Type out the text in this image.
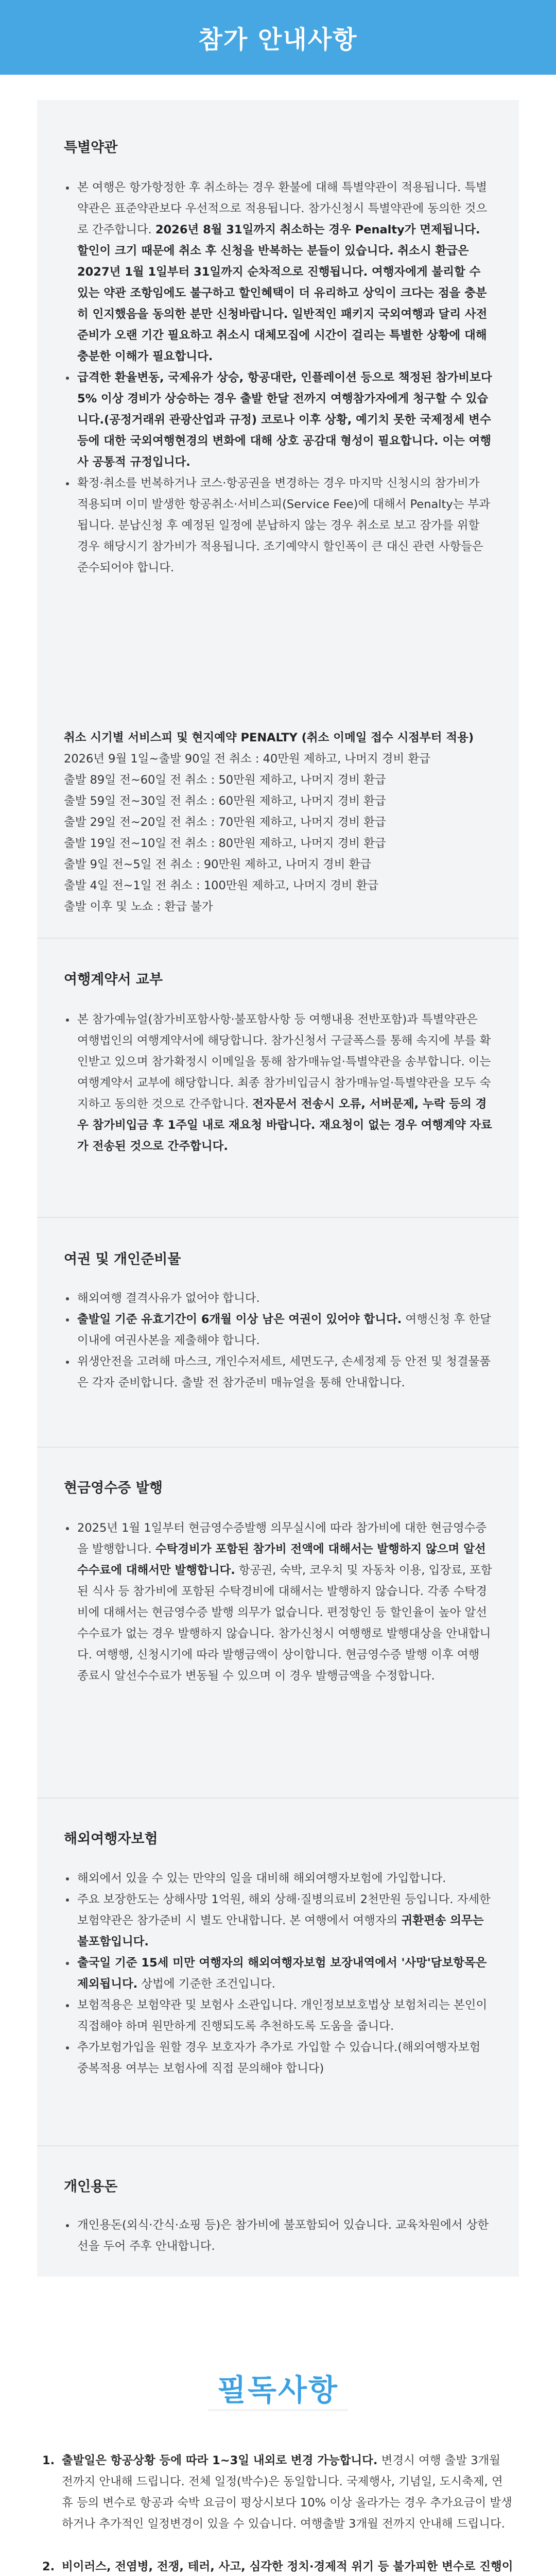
참가 안내사항
특별약관
본 여행은 항가항정한 후 취소하는 경우 환불에 대해 특별약관이 적용됩니다. 특별약관은 표준약관보다 우선적으로 적용됩니다. 참가신청시 특별약관에 동의한 것으로 간주합니다. 2026년 8월 31일까지 취소하는 경우 Penalty가 면제됩니다. 할인이 크기 때문에 취소 후 신청을 반복하는 분들이 있습니다. 취소시 환급은 2027년 1월 1일부터 31일까지 순차적으로 진행됩니다. 여행자에게 불리할 수 있는 약관 조항임에도 불구하고 할인혜택이 더 유리하고 상익이 크다는 점을 충분히 인지했음을 동의한 분만 신청바랍니다. 일반적인 패키지 국외여행과 달리 사전 준비가 오랜 기간 필요하고 취소시 대체모집에 시간이 걸리는 특별한 상황에 대해 충분한 이해가 필요합니다.
급격한 환율변동, 국제유가 상승, 항공대란, 인플레이션 등으로 책정된 참가비보다 5% 이상 경비가 상승하는 경우 출발 한달 전까지 여행참가자에게 청구할 수 있습니다.(공정거래위 관광산업과 규정) 코로나 이후 상황, 예기치 못한 국제정세 변수 등에 대한 국외여행현경의 변화에 대해 상호 공감대 형성이 필요합니다. 이는 여행사 공통적 규정입니다.
확정·취소를 번복하거나 코스·항공권을 변경하는 경우 마지막 신청시의 참가비가 적용되며 이미 발생한 항공취소·서비스피(Service Fee)에 대해서 Penalty는 부과됩니다. 분납신청 후 예정된 일정에 분납하지 않는 경우 취소로 보고 잠가를 위할 경우 해당시기 참가비가 적용됩니다. 조기예약시 할인폭이 큰 대신 관련 사항들은 준수되어야 합니다.
취소 시기별 서비스피 및 현지예약 PENALTY (취소 이메일 접수 시점부터 적용)
2026년 9월 1일~출발 90일 전 취소 : 40만원 제하고, 나머지 경비 환급
출발 89일 전~60일 전 취소 : 50만원 제하고, 나머지 경비 환급
출발 59일 전~30일 전 취소 : 60만원 제하고, 나머지 경비 환급
출발 29일 전~20일 전 취소 : 70만원 제하고, 나머지 경비 환급
출발 19일 전~10일 전 취소 : 80만원 제하고, 나머지 경비 환급
출발 9일 전~5일 전 취소 : 90만원 제하고, 나머지 경비 환급
출발 4일 전~1일 전 취소 : 100만원 제하고, 나머지 경비 환급
출발 이후 및 노쇼 : 환급 불가
여행계약서 교부
본 참가예뉴얼(참가비포함사항·불포함사항 등 여행내용 전반포함)과 특별약관은 여행법인의 여행계약서에 해당합니다. 참가신청서 구글폭스를 통해 속지에 부를 확인받고 있으며 참가확정시 이메일을 통해 참가매뉴얼·특별약관을 송부합니다. 이는 여행계약서 교부에 해당합니다. 최종 참가비입금시 참가매뉴얼·특별약관을 모두 숙지하고 동의한 것으로 간주합니다. 전자문서 전송시 오류, 서버문제, 누락 등의 경우 참가비입금 후 1주일 내로 재요청 바랍니다. 재요청이 없는 경우 여행계약 자료가 전송된 것으로 간주합니다.
여권 및 개인준비물
해외여행 결격사유가 없어야 합니다.
출발일 기준 유효기간이 6개월 이상 남은 여권이 있어야 합니다. 여행신청 후 한달 이내에 여권사본을 제출해야 합니다.
위생안전을 고려해 마스크, 개인수저세트, 세면도구, 손세정제 등 안전 및 청결물품은 각자 준비합니다. 출발 전 참가준비 매뉴얼을 통해 안내합니다.
현금영수증 발행
2025년 1월 1일부터 현금영수증발행 의무실시에 따라 참가비에 대한 현금영수증을 발행합니다. 수탁경비가 포함된 참가비 전액에 대해서는 발행하지 않으며 알선수수료에 대해서만 발행합니다. 항공권, 숙박, 코우치 및 자동차 이용, 입장료, 포함된 식사 등 참가비에 포함된 수탁경비에 대해서는 발행하지 않습니다. 각종 수탁경비에 대해서는 현금영수증 발행 의무가 없습니다. 편정항인 등 할인율이 높아 알선수수료가 없는 경우 발행하지 않습니다. 참가신청시 여행행로 발행대상을 안내합니다. 여행행, 신청시기에 따라 발행금액이 상이합니다. 현금영수증 발행 이후 여행 종료시 알선수수료가 변동될 수 있으며 이 경우 발행금액을 수정합니다.
해외여행자보험
해외에서 있을 수 있는 만약의 일을 대비해 해외여행자보험에 가입합니다.
주요 보장한도는 상해사망 1억원, 해외 상해·질병의료비 2천만원 등입니다. 자세한 보험약관은 참가준비 시 별도 안내합니다. 본 여행에서 여행자의 귀환편송 의무는 불포함입니다.
출국일 기준 15세 미만 여행자의 해외여행자보험 보장내역에서 '사망'담보항목은 제외됩니다. 상법에 기준한 조건입니다.
보험적용은 보험약관 및 보험사 소관입니다. 개인정보보호법상 보험처리는 본인이 직접해야 하며 원만하게 진행되도록 추천하도록 도움을 줍니다.
추가보험가입을 원할 경우 보호자가 추가로 가입할 수 있습니다.(해외여행자보험 중복적용 여부는 보험사에 직접 문의해야 합니다)
개인용돈
개인용돈(외식·간식·쇼핑 등)은 참가비에 불포함되어 있습니다. 교육차원에서 상한선을 두어 주후 안내합니다.
필독사항
1. 출발일은 항공상황 등에 따라 1~3일 내외로 변경 가능합니다. 변경시 여행 출발 3개월 전까지 안내해 드립니다. 전체 일정(박수)은 동일합니다. 국제행사, 기념일, 도시축제, 연휴 등의 변수로 항공과 숙박 요금이 평상시보다 10% 이상 올라가는 경우 추가요금이 발생하거나 추가적인 일정변경이 있을 수 있습니다. 여행출발 3개월 전까지 안내해 드립니다.
2. 비이러스, 전염병, 전쟁, 테러, 사고, 심각한 정치·경제적 위기 등 불가피한 변수로 진행이
